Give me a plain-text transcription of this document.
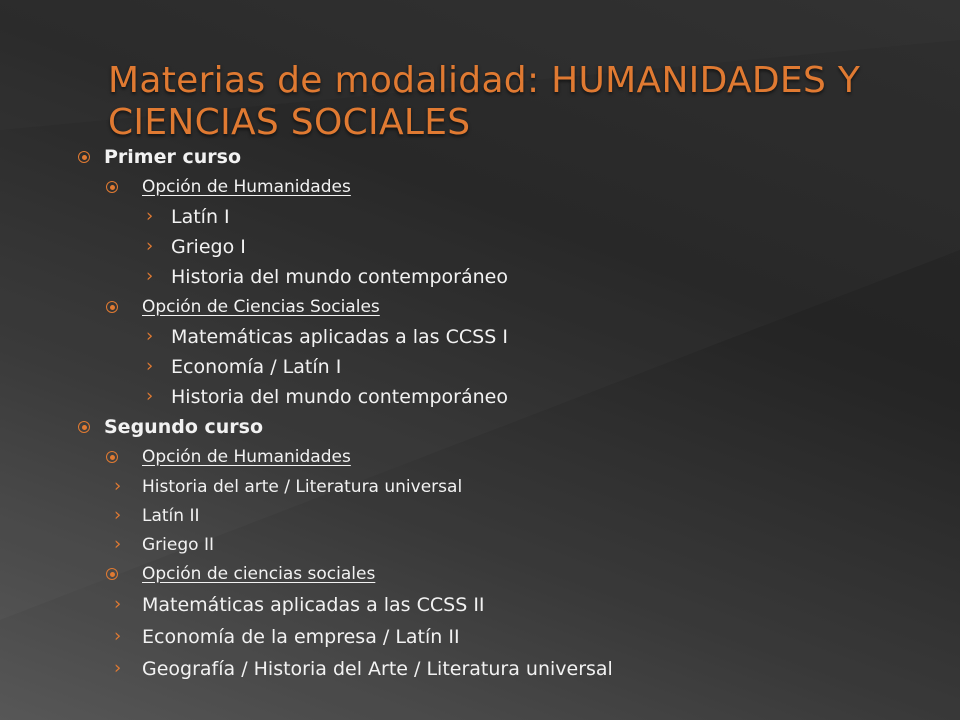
Materias de modalidad: HUMANIDADES Y
CIENCIAS SOCIALES
Primer curso
Opción de Humanidades
› Latín I
› Griego I
› Historia del mundo contemporáneo
Opción de Ciencias Sociales
› Matemáticas aplicadas a las CCSS I
› Economía / Latín I
› Historia del mundo contemporáneo
Segundo curso
Opción de Humanidades
› Historia del arte / Literatura universal
› Latín II
› Griego II
Opción de ciencias sociales
› Matemáticas aplicadas a las CCSS II
› Economía de la empresa / Latín II
› Geografía / Historia del Arte / Literatura universal
